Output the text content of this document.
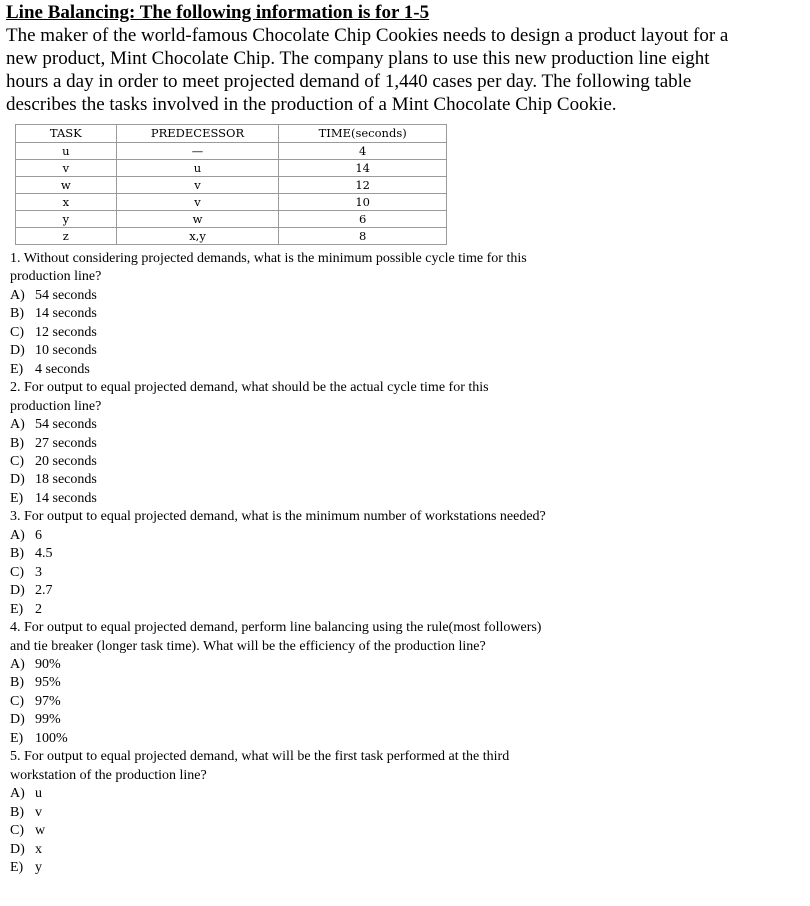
Line Balancing: The following information is for 1-5
The maker of the world-famous Chocolate Chip Cookies needs to design a product layout for a
new product, Mint Chocolate Chip. The company plans to use this new production line eight
hours a day in order to meet projected demand of 1,440 cases per day. The following table
describes the tasks involved in the production of a Mint Chocolate Chip Cookie.
TASK	PREDECESSOR	TIME(seconds)
u	—	4
v	u	14
w	v	12
x	v	10
y	w	6
z	x,y	8
1. Without considering projected demands, what is the minimum possible cycle time for this
production line?
A) 54 seconds
B) 14 seconds
C) 12 seconds
D) 10 seconds
E) 4 seconds
2. For output to equal projected demand, what should be the actual cycle time for this
production line?
A) 54 seconds
B) 27 seconds
C) 20 seconds
D) 18 seconds
E) 14 seconds
3. For output to equal projected demand, what is the minimum number of workstations needed?
A) 6
B) 4.5
C) 3
D) 2.7
E) 2
4. For output to equal projected demand, perform line balancing using the rule(most followers)
and tie breaker (longer task time). What will be the efficiency of the production line?
A) 90%
B) 95%
C) 97%
D) 99%
E) 100%
5. For output to equal projected demand, what will be the first task performed at the third
workstation of the production line?
A) u
B) v
C) w
D) x
E) y
